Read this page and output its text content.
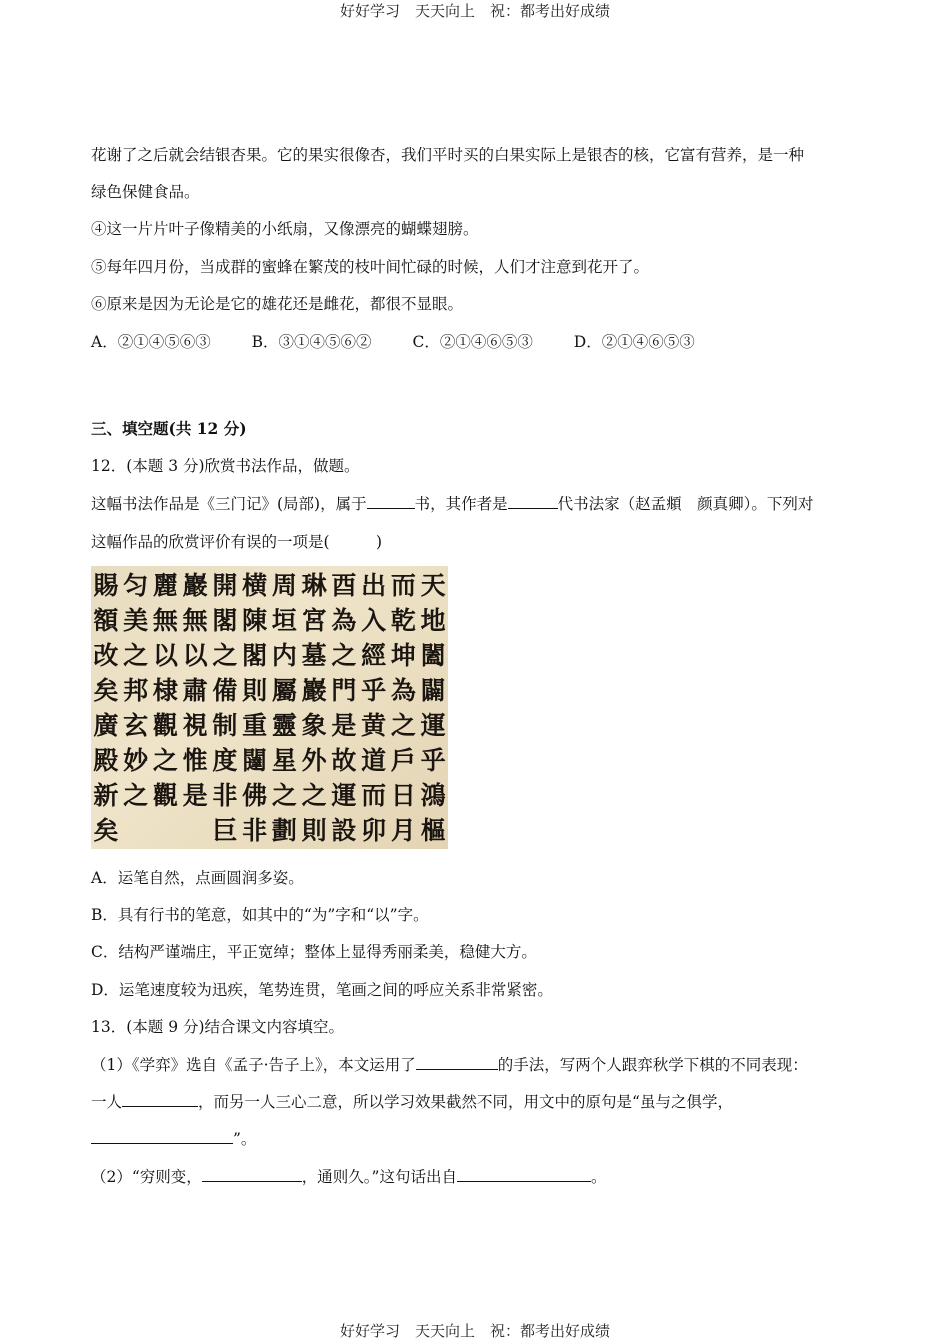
好好学习　天天向上　祝：都考出好成绩
花谢了之后就会结银杏果。它的果实很像杏，我们平时买的白果实际上是银杏的核，它富有营养，是一种
绿色保健食品。
④这一片片叶子像精美的小纸扇，又像漂亮的蝴蝶翅膀。
⑤每年四月份，当成群的蜜蜂在繁茂的枝叶间忙碌的时候，人们才注意到花开了。
⑥原来是因为无论是它的雄花还是雌花，都很不显眼。
A．②①④⑤⑥③	B．③①④⑤⑥②	C．②①④⑥⑤③	D．②①④⑥⑤③
三、填空题(共 12 分)
12．(本题 3 分)欣赏书法作品，做题。
这幅书法作品是《三门记》(局部)，属于	书，其作者是	代书法家（赵孟頫　颜真卿）。下列对
这幅作品的欣赏评价有误的一项是(　　　)
天
地
闔
闢
運
乎
鴻
樞
而
乾
坤
為
之
戶
日
月
出
入
經
乎
黄
道
而
卯
酉
為
之
門
是
故
運
設
琳
宮
墓
巖
象
外
之
則
周
垣
内
屬
靈
星
之
劃
横
陳
閣
則
重
闥
佛
非
開
閣
之
備
制
度
非
巨
巖
無
以
肅
視
惟
是
麗
無
以
棣
觀
之
觀
匀
美
之
邦
玄
妙
之
賜
額
改
矣
廣
殿
新
矣
A．运笔自然，点画圆润多姿。
B．具有行书的笔意，如其中的“为”字和“以”字。
C．结构严谨端庄，平正宽绰；整体上显得秀丽柔美，稳健大方。
D．运笔速度较为迅疾，笔势连贯，笔画之间的呼应关系非常紧密。
13．(本题 9 分)结合课文内容填空。
（1）《学弈》选自《孟子·告子上》，本文运用了	的手法，写两个人跟弈秋学下棋的不同表现：
一人	，而另一人三心二意，所以学习效果截然不同，用文中的原句是“虽与之俱学，
”。
（2）“穷则变，	，通则久。”这句话出自	。
好好学习　天天向上　祝：都考出好成绩
